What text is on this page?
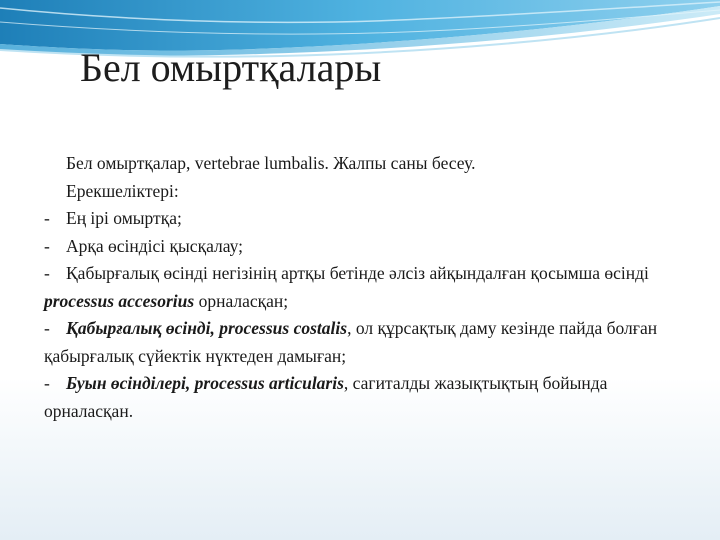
Бел омыртқалары

Бел омыртқалар, vertebrae lumbalis. Жалпы саны бесеу.

Ерекшеліктері:

- Ең ірі омыртқа;

- Арқа өсіндісі қысқалау;

- Қабырғалық өсінді негізінің артқы бетінде әлсіз айқындалған қосымша өсінді processus accesorius орналасқан;

- Қабырғалық өсінді, processus costalis, ол құрсақтық даму кезінде пайда болған қабырғалық сүйектік нүктеден дамыған;

- Буын өсінділері, processus articularis, сагиталды жазықтықтың бойында орналасқан.
